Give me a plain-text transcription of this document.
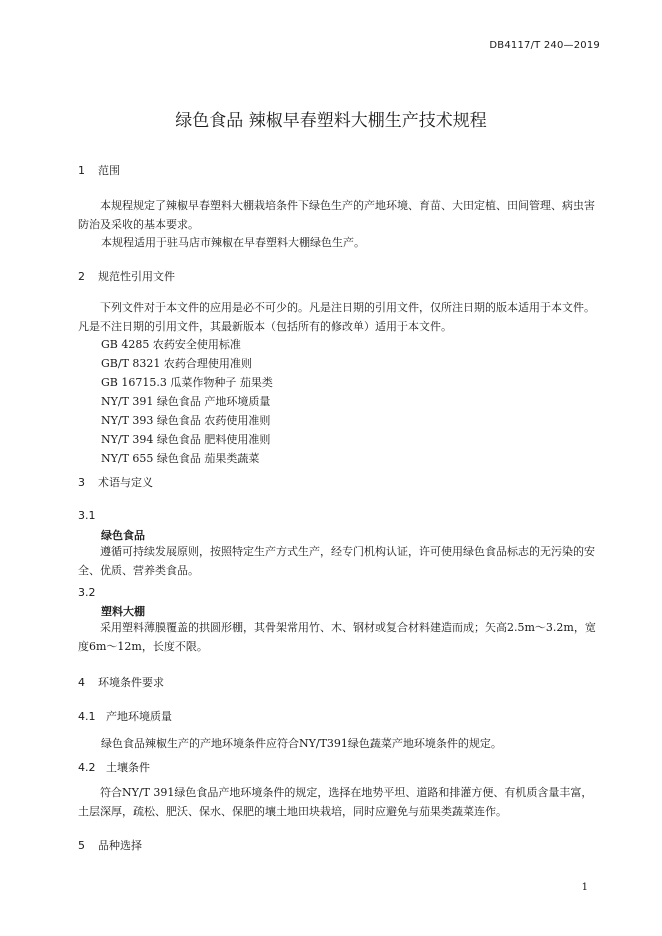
DB4117/T 240—2019
绿色食品 辣椒早春塑料大棚生产技术规程
1 范围
本规程规定了辣椒早春塑料大棚栽培条件下绿色生产的产地环境、育苗、大田定植、田间管理、病虫害防治及采收的基本要求。
本规程适用于驻马店市辣椒在早春塑料大棚绿色生产。
2 规范性引用文件
下列文件对于本文件的应用是必不可少的。凡是注日期的引用文件，仅所注日期的版本适用于本文件。凡是不注日期的引用文件，其最新版本（包括所有的修改单）适用于本文件。
GB 4285 农药安全使用标准
GB/T 8321 农药合理使用准则
GB 16715.3 瓜菜作物种子 茄果类
NY/T 391 绿色食品 产地环境质量
NY/T 393 绿色食品 农药使用准则
NY/T 394 绿色食品 肥料使用准则
NY/T 655 绿色食品 茄果类蔬菜
3 术语与定义
3.1
绿色食品
遵循可持续发展原则，按照特定生产方式生产，经专门机构认证，许可使用绿色食品标志的无污染的安全、优质、营养类食品。
3.2
塑料大棚
采用塑料薄膜覆盖的拱圆形棚，其骨架常用竹、木、钢材或复合材料建造而成；矢高2.5m～3.2m，宽度6m～12m，长度不限。
4 环境条件要求
4.1 产地环境质量
绿色食品辣椒生产的产地环境条件应符合NY/T391绿色蔬菜产地环境条件的规定。
4.2 土壤条件
符合NY/T 391绿色食品产地环境条件的规定，选择在地势平坦、道路和排灌方便、有机质含量丰富，土层深厚，疏松、肥沃、保水、保肥的壤土地田块栽培，同时应避免与茄果类蔬菜连作。
5 品种选择
1
